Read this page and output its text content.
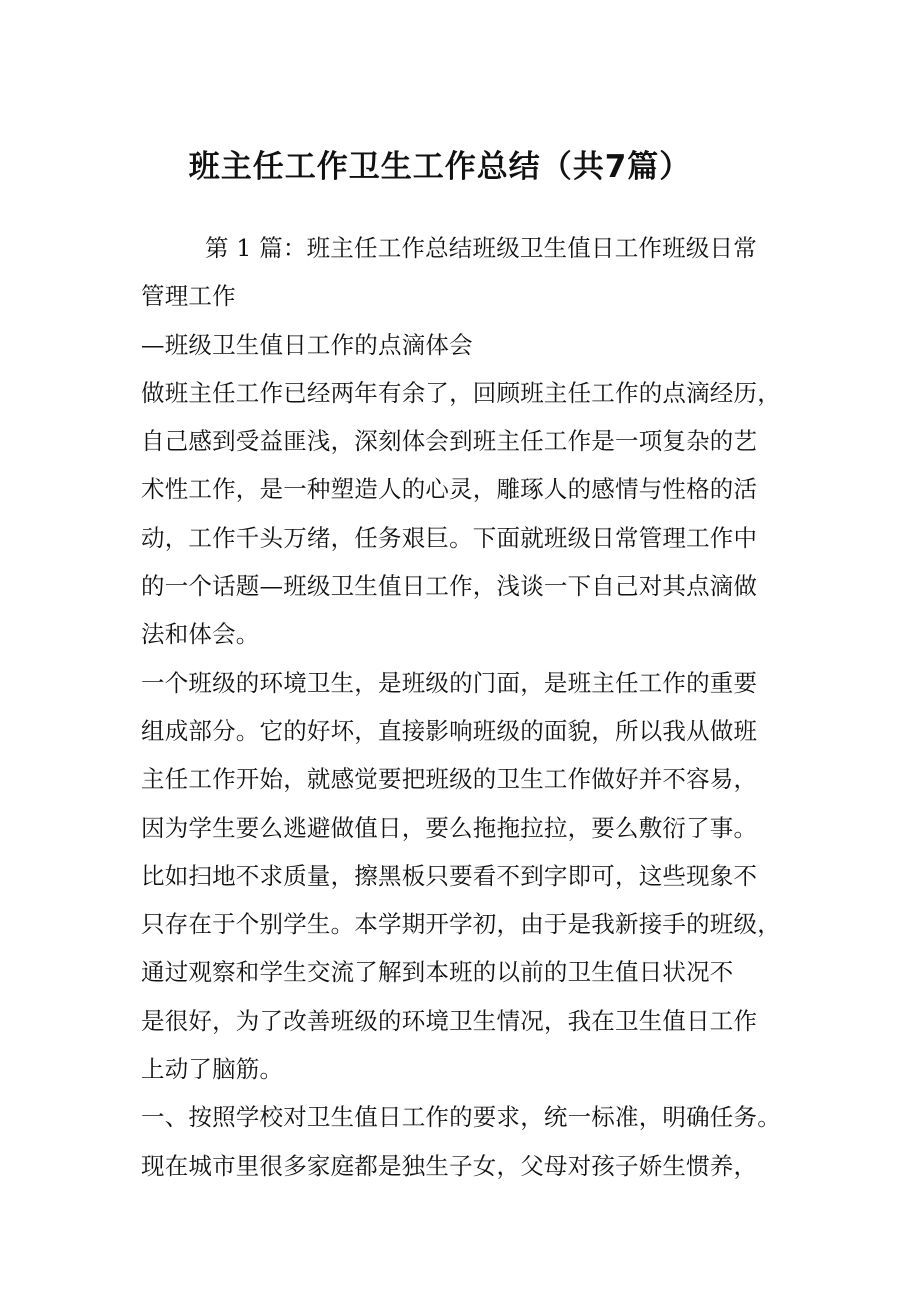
班主任工作卫生工作总结（共7篇）
第 1 篇：班主任工作总结班级卫生值日工作班级日常
管理工作
—班级卫生值日工作的点滴体会
做班主任工作已经两年有余了，回顾班主任工作的点滴经历，
自己感到受益匪浅，深刻体会到班主任工作是一项复杂的艺
术性工作，是一种塑造人的心灵，雕琢人的感情与性格的活
动，工作千头万绪，任务艰巨。下面就班级日常管理工作中
的一个话题—班级卫生值日工作，浅谈一下自己对其点滴做
法和体会。
一个班级的环境卫生，是班级的门面，是班主任工作的重要
组成部分。它的好坏，直接影响班级的面貌，所以我从做班
主任工作开始，就感觉要把班级的卫生工作做好并不容易，
因为学生要么逃避做值日，要么拖拖拉拉，要么敷衍了事。
比如扫地不求质量，擦黑板只要看不到字即可，这些现象不
只存在于个别学生。本学期开学初，由于是我新接手的班级，
通过观察和学生交流了解到本班的以前的卫生值日状况不
是很好，为了改善班级的环境卫生情况，我在卫生值日工作
上动了脑筋。
一、按照学校对卫生值日工作的要求，统一标准，明确任务。
现在城市里很多家庭都是独生子女，父母对孩子娇生惯养，
